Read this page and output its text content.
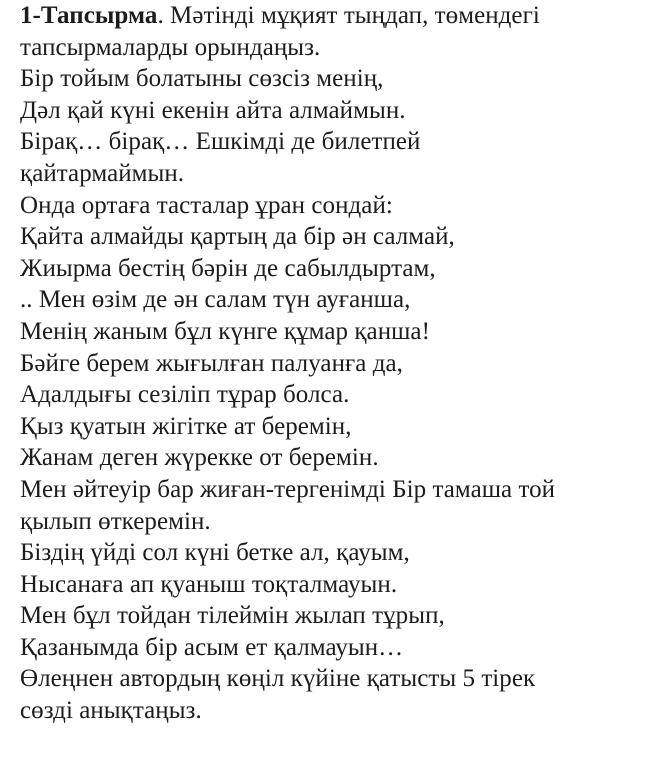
1-Тапсырма. Мәтінді мұқият тыңдап, төмендегі
тапсырмаларды орындаңыз.
Бір тойым болатыны сөзсіз менің,
Дәл қай күні екенін айта алмаймын.
Бірақ… бірақ… Ешкімді де билетпей
қайтармаймын.
Онда ортаға тасталар ұран сондай:
Қайта алмайды қартың да бір ән салмай,
Жиырма бестің бәрін де сабылдыртам,
.. Мен өзім де ән салам түн ауғанша,
Менің жаным бұл күнге құмар қанша!
Бәйге берем жығылған палуанға да,
Адалдығы сезіліп тұрар болса.
Қыз қуатын жігітке ат беремін,
Жанам деген жүрекке от беремін.
Мен әйтеуір бар жиған-тергенімді Бір тамаша той
қылып өткеремін.
Біздің үйді сол күні бетке ал, қауым,
Нысанаға ап қуаныш тоқталмауын.
Мен бұл тойдан тілеймін жылап тұрып,
Қазанымда бір асым ет қалмауын…
Өлеңнен автордың көңіл күйіне қатысты 5 тірек
сөзді анықтаңыз.
